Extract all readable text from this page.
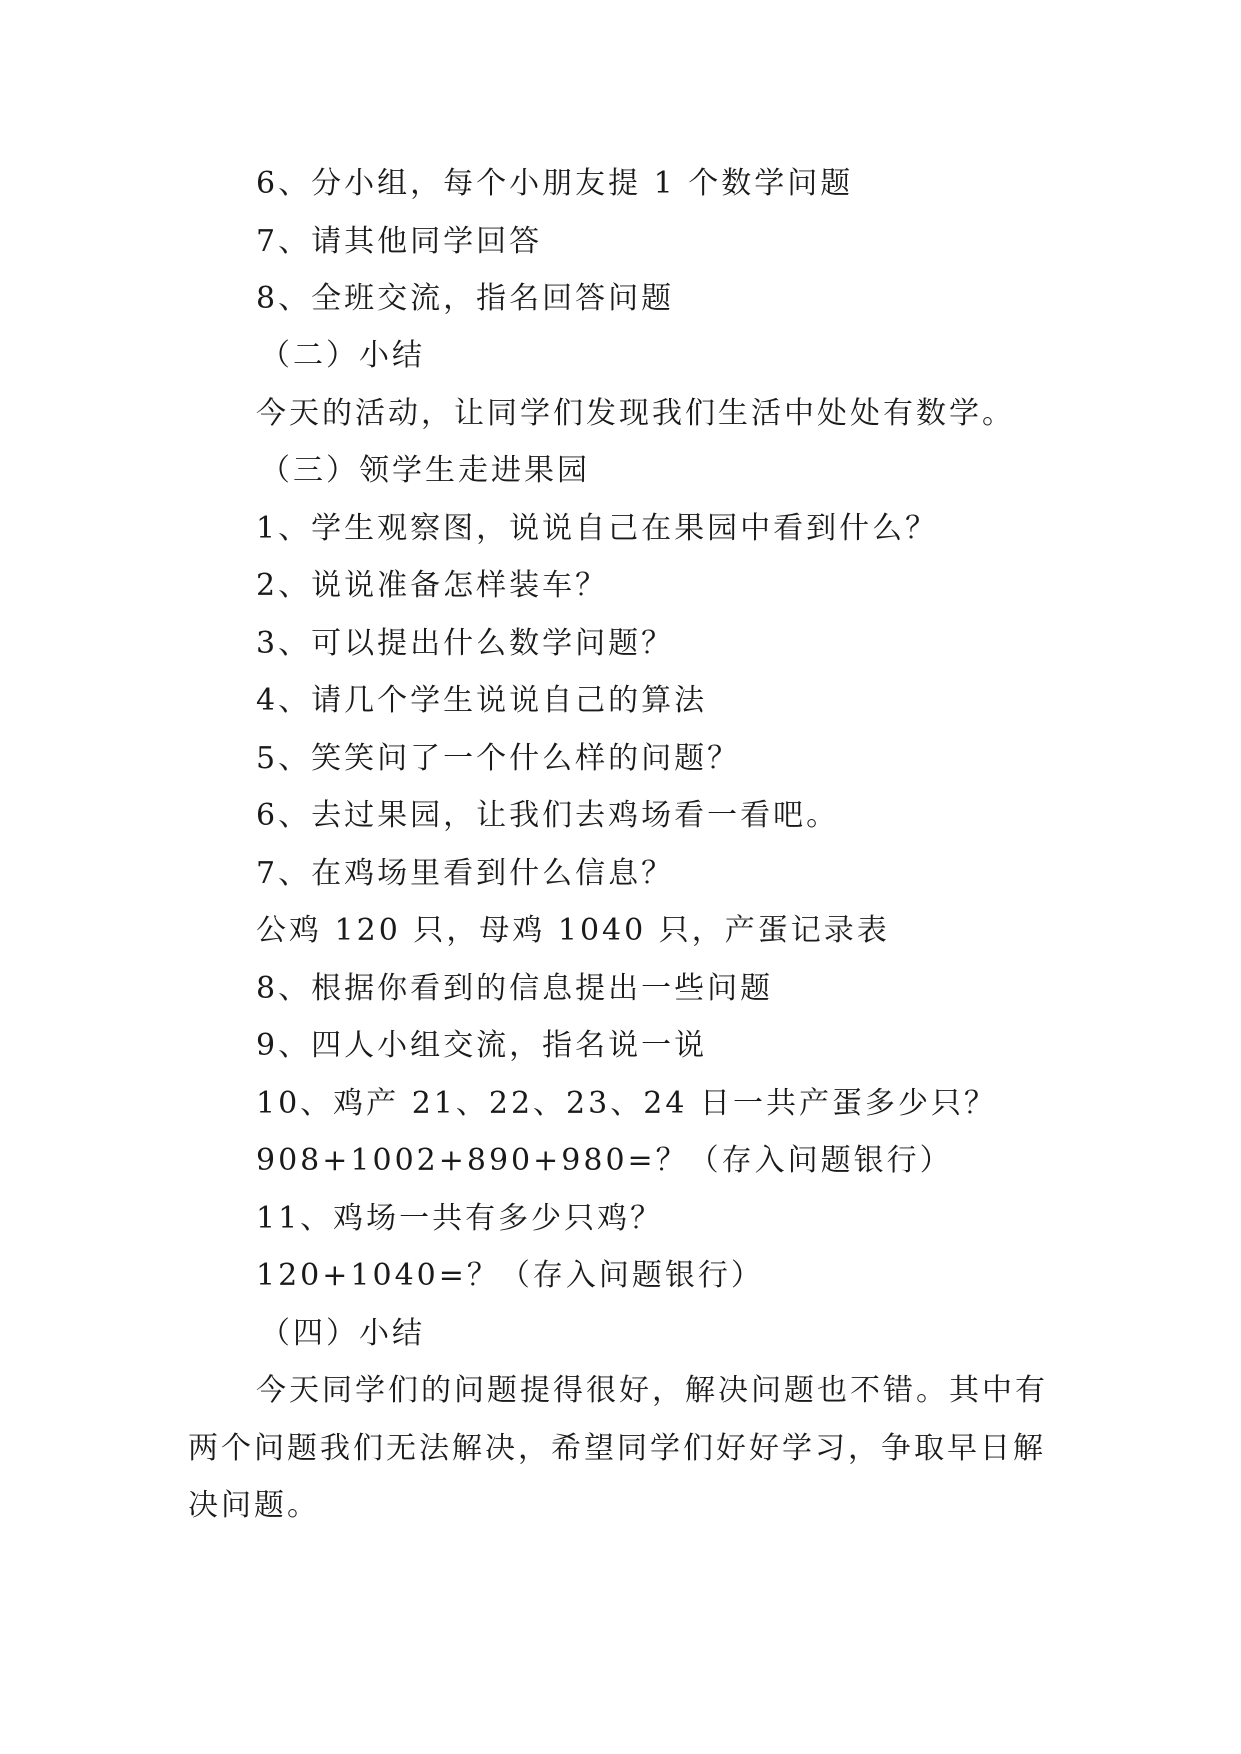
6、分小组，每个小朋友提 1 个数学问题
7、请其他同学回答
8、全班交流，指名回答问题
（二）小结
今天的活动，让同学们发现我们生活中处处有数学。
（三）领学生走进果园
1、学生观察图，说说自己在果园中看到什么？
2、说说准备怎样装车？
3、可以提出什么数学问题？
4、请几个学生说说自己的算法
5、笑笑问了一个什么样的问题？
6、去过果园，让我们去鸡场看一看吧。
7、在鸡场里看到什么信息？
公鸡 120 只，母鸡 1040 只，产蛋记录表
8、根据你看到的信息提出一些问题
9、四人小组交流，指名说一说
10、鸡产 21、22、23、24 日一共产蛋多少只？
908+1002+890+980=？（存入问题银行）
11、鸡场一共有多少只鸡？
120+1040=？（存入问题银行）
（四）小结
今天同学们的问题提得很好，解决问题也不错。其中有
两个问题我们无法解决，希望同学们好好学习，争取早日解
决问题。
